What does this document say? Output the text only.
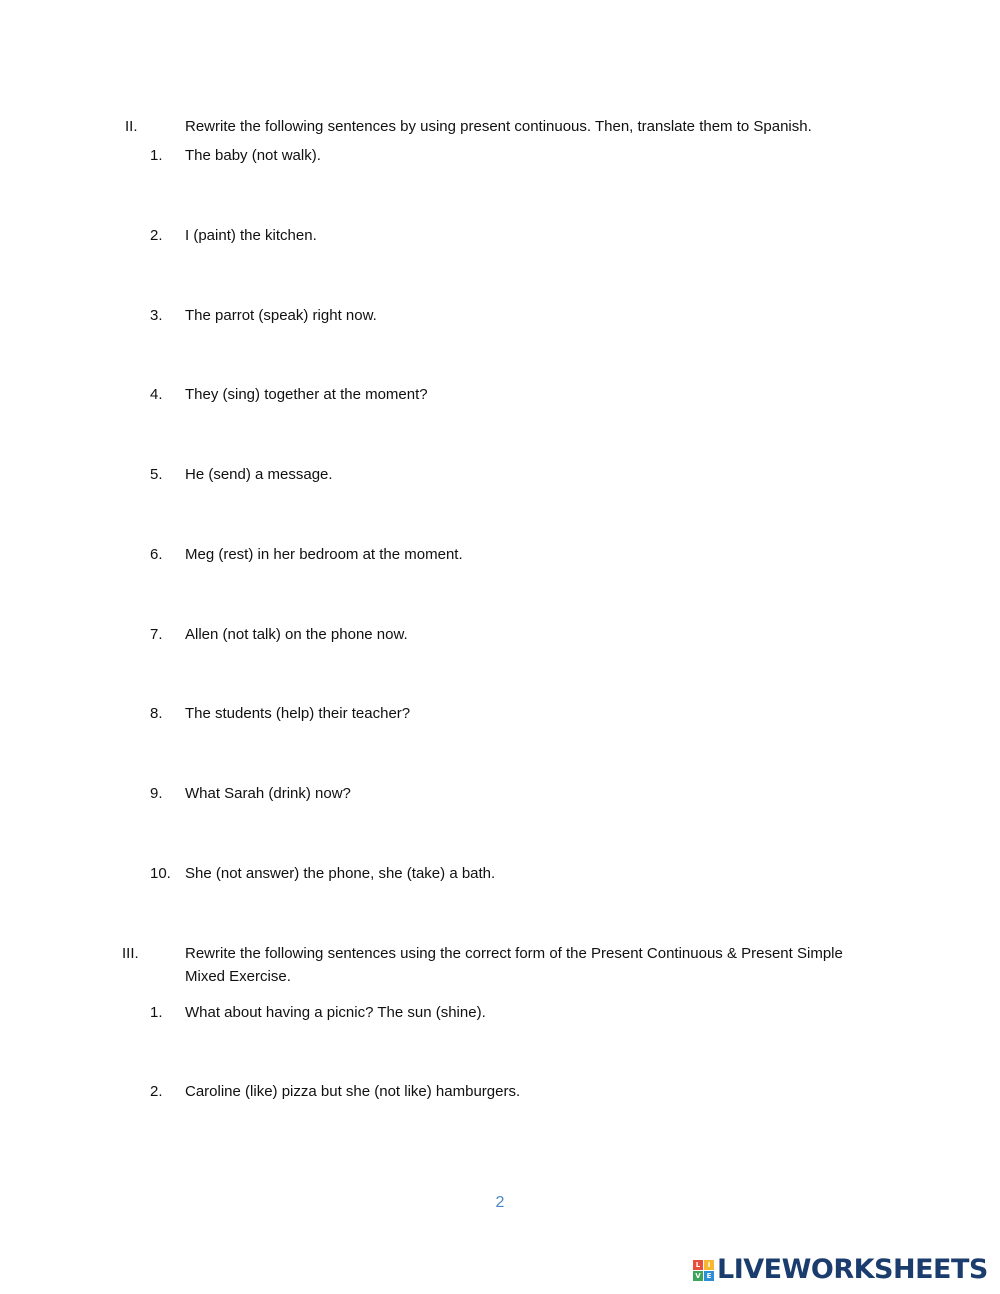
II.	Rewrite the following sentences by using present continuous. Then, translate them to Spanish.
1. The baby (not walk).
2. I (paint) the kitchen.
3. The parrot (speak) right now.
4. They (sing) together at the moment?
5. He (send) a message.
6. Meg (rest) in her bedroom at the moment.
7. Allen (not talk) on the phone now.
8. The students (help) their teacher?
9. What Sarah (drink) now?
10. She (not answer) the phone, she (take) a bath.
III.	Rewrite the following sentences using the correct form of the Present Continuous & Present Simple
Mixed Exercise.
1. What about having a picnic? The sun (shine).
2. Caroline (like) pizza but she (not like) hamburgers.
2
L	I
V E LIVEWORKSHEETS
